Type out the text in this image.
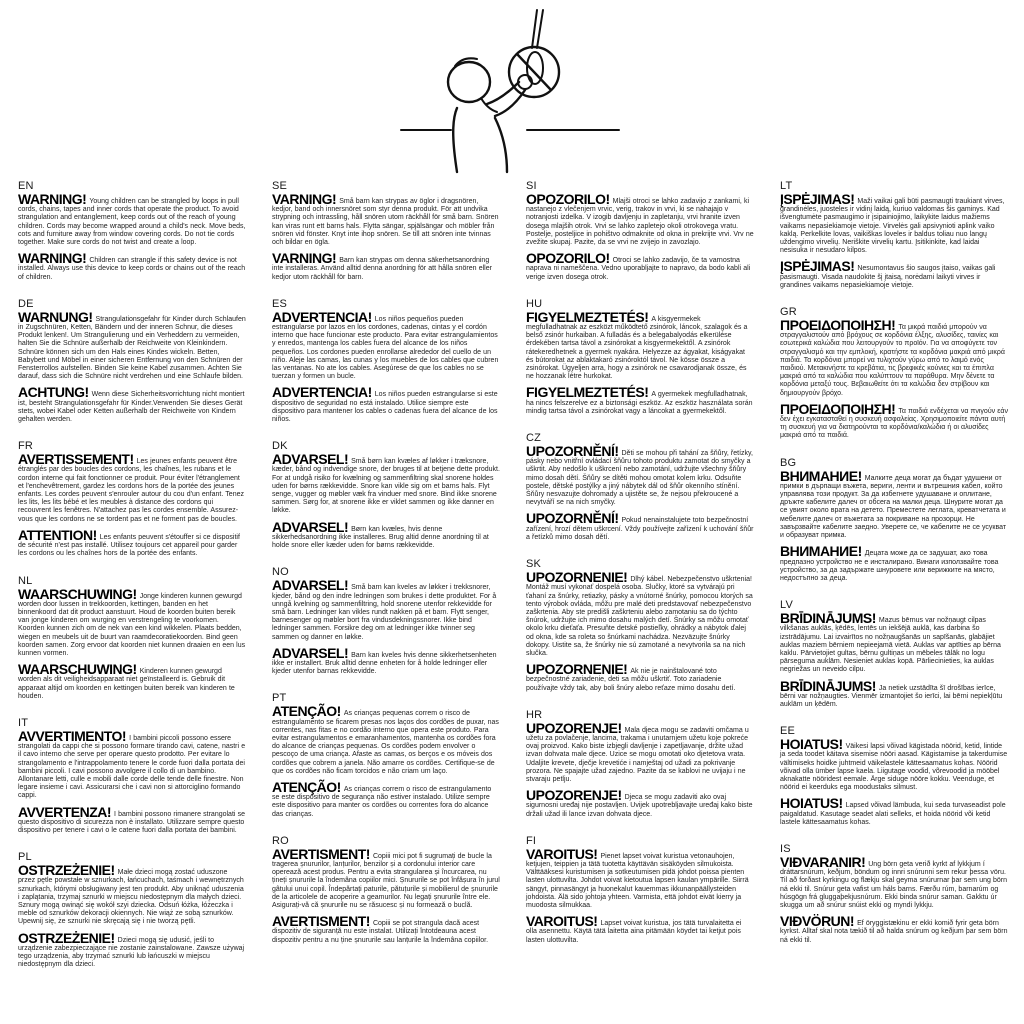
EN

WARNING! Young children can be strangled by loops in pull cords, chains, tapes and inner cords that operate the product. To avoid strangulation and entanglement, keep cords out of the reach of young children. Cords may become wrapped around a child's neck. Move beds, cots and furniture away from window covering cords. Do not tie cords together. Make sure cords do not twist and create a loop.

WARNING! Children can strangle if this safety device is not installed. Always use this device to keep cords or chains out of the reach of children.

DE

WARNUNG! Strangulationsgefahr für Kinder durch Schlaufen in Zugschnüren, Ketten, Bändern und der inneren Schnur, die dieses Produkt lenken!. Um Strangulierung und ein Verheddern zu vermeiden, halten Sie die Schnüre außerhalb der Reichweite von Kleinkindern. Schnüre können sich um den Hals eines Kindes wickeln. Betten, Babybett und Möbel in einer sicheren Entfernung von den Schnüren der Fensterrollos aufstellen. Binden Sie keine Kabel zusammen. Achten Sie darauf, dass sich die Schnüre nicht verdrehen und eine Schlaufe bilden.

ACHTUNG! Wenn diese Sicherheitsvorrichtung nicht montiert ist, besteht Strangulationsgefahr für Kinder.Verwenden Sie dieses Gerät stets, wobei Kabel oder Ketten außerhalb der Reichweite von Kindern gehalten werden.

FR

AVERTISSEMENT! Les jeunes enfants peuvent être étranglés par des boucles des cordons, les chaînes, les rubans et le cordon interne qui fait fonctionner ce produit. Pour éviter l'étranglement et l'enchevêtrement, gardez les cordons hors de la portée des jeunes enfants. Les cordes peuvent s'enrouler autour du cou d'un enfant. Tenez les lits, les lits bébé et les meubles à distance des cordons qui recouvrent les fenêtres. N'attachez pas les cordes ensemble. Assurez-vous que les cordons ne se tordent pas et ne forment pas de boucles.

ATTENTION! Les enfants peuvent s'étouffer si ce dispositif de sécurité n'est pas installé. Utilisez toujours cet appareil pour garder les cordons ou les chaînes hors de la portée des enfants.

NL

WAARSCHUWING! Jonge kinderen kunnen gewurgd worden door lussen in trekkoorden, kettingen, banden en het binnenkoord dat dit product aanstuurt. Houd de koorden buiten bereik van jonge kinderen om wurging en verstrengeling te voorkomen. Koorden kunnen zich om de nek van een kind wikkelen. Plaats bedden, wiegen en meubels uit de buurt van raamdecoratiekoorden. Bind geen koorden samen. Zorg ervoor dat koorden niet kunnen draaien en een lus kunnen vormen.

WAARSCHUWING! Kinderen kunnen gewurgd worden als dit veiligheidsapparaat niet geïnstalleerd is. Gebruik dit apparaat altijd om koorden en kettingen buiten bereik van kinderen te houden.

IT

AVVERTIMENTO! I bambini piccoli possono essere strangolati da cappi che si possono formare tirando cavi, catene, nastri e il cavo interno che serve per operare questo prodotto. Per evitare lo strangolamento e l'intrappolamento tenere le corde fuori dalla portata dei bambini piccoli. I cavi possono avvolgere il collo di un bambino. Allontanare letti, culle e mobili dalle corde delle tende delle finestre. Non legare insieme i cavi. Assicurarsi che i cavi non si attorciglino formando cappi.

AVVERTENZA! I bambini possono rimanere strangolati se questo dispositivo di sicurezza non è installato. Utilizzare sempre questo dispositivo per tenere i cavi o le catene fuori dalla portata dei bambini.

PL

OSTRZEŻENIE! Małe dzieci mogą zostać uduszone przez pętle powstałe w sznurkach, łańcuchach, taśmach i wewnętrznych sznurkach, którymi obsługiwany jest ten produkt. Aby uniknąć uduszenia i zaplątania, trzymaj sznurki w miejscu niedostępnym dla małych dzieci. Sznury mogą owinąć się wokół szyi dziecka. Odsuń łóżka, łóżeczka i meble od sznurków dekoracji okiennych. Nie wiąż ze sobą sznurków. Upewnij się, że sznurki nie skręcają się i nie tworzą pętli.

OSTRZEŻENIE! Dzieci mogą się udusić, jeśli to urządzenie zabezpieczające nie zostanie zainstalowane. Zawsze używaj tego urządzenia, aby trzymać sznurki lub łańcuszki w miejscu niedostępnym dla dzieci.

SE

VARNING! Små barn kan strypas av öglor i dragsnören, kedjor, band och innersnöret som styr denna produkt. För att undvika strypning och intrassling, håll snören utom räckhåll för små barn. Snören kan viras runt ett barns hals. Flytta sängar, spjälsängar och möbler från snören vid fönster. Knyt inte ihop snören. Se till att snören inte tvinnas och bildar en ögla.

VARNING! Barn kan strypas om denna säkerhetsanordning inte installeras. Använd alltid denna anordning för att hålla snören eller kedjor utom räckhåll för barn.

ES

ADVERTENCIA! Los niños pequeños pueden estrangularse por lazos en los cordones, cadenas, cintas y el cordón interno que hace funcionar este producto. Para evitar estrangulamientos y enredos, mantenga los cables fuera del alcance de los niños pequeños. Los cordones pueden enrollarse alrededor del cuello de un niño. Aleje las camas, las cunas y los muebles de los cables que cubren las ventanas. No ate los cables. Asegúrese de que los cables no se tuerzan y formen un bucle.

ADVERTENCIA! Los niños pueden estrangularse si este dispositivo de seguridad no está instalado. Utilice siempre este dispositivo para mantener los cables o cadenas fuera del alcance de los niños.

DK

ADVARSEL! Små børn kan kvæles af løkker i træksnore, kæder, bånd og indvendige snore, der bruges til at betjene dette produkt. For at undgå risiko for kvælning og sammenfiltring skal snorene holdes uden for børns rækkevidde. Snore kan vikle sig om et barns hals. Flyt senge, vugger og møbler væk fra vinduer med snore. Bind ikke snorene sammen. Sørg for, at snorene ikke er viklet sammen og ikke danner en løkke.

ADVARSEL! Børn kan kvæles, hvis denne sikkerhedsanordning ikke installeres. Brug altid denne anordning til at holde snore eller kæder uden for børns rækkevidde.

NO

ADVARSEL! Små barn kan kveles av løkker i trekksnorer, kjeder, bånd og den indre ledningen som brukes i dette produktet. For å unngå kvelning og sammenfiltring, hold snorene utenfor rekkevidde for små barn. Ledninger kan vikles rundt nakken på et barn. Flytt senger, barnesenger og møbler bort fra vindusdekningssnorer. Ikke bind ledninger sammen. Forsikre deg om at ledninger ikke tvinner seg sammen og danner en løkke.

ADVARSEL! Barn kan kveles hvis denne sikkerhetsenheten ikke er installert. Bruk alltid denne enheten for å holde ledninger eller kjeder utenfor barnas rekkevidde.

PT

ATENÇÃO! As crianças pequenas correm o risco de estrangulamento se ficarem presas nos laços dos cordões de puxar, nas correntes, nas fitas e no cordão interno que opera este produto. Para evitar estrangulamentos e emaranhamentos, mantenha os cordões fora do alcance de crianças pequenas. Os cordões podem envolver o pescoço de uma criança. Afaste as camas, os berços e os móveis dos cordões que cobrem a janela. Não amarre os cordões. Certifique-se de que os cordões não ficam torcidos e não criam um laço.

ATENÇÃO! As crianças correm o risco de estrangulamento se este dispositivo de segurança não estiver instalado. Utilize sempre este dispositivo para manter os cordões ou correntes fora do alcance das crianças.

RO

AVERTISMENT! Copiii mici pot fi sugrumați de bucle la tragerea șnururilor, lanțurilor, benzilor și a cordonului interior care operează acest produs. Pentru a evita strangularea și încurcarea, nu țineți șnururile la îndemâna copiilor mici. Șnururile se pot înfășura în jurul gâtului unui copil. Îndepărtați paturile, pătuțurile și mobilierul de șnururile de la articolele de acoperire a geamurilor. Nu legați șnururile între ele. Asigurați-vă că șnururile nu se răsucesc și nu formează o buclă.

AVERTISMENT! Copiii se pot strangula dacă acest dispozitiv de siguranță nu este instalat. Utilizați întotdeauna acest dispozitiv pentru a nu ține șnururile sau lanțurile la îndemâna copiilor.

SI

OPOZORILO! Mlajši otroci se lahko zadavijo z zankami, ki nastanejo z vlečenjem vrvic, verig, trakov in vrvi, ki se nahajajo v notranjosti izdelka. V izogib davljenju in zapletanju, vrvi hranite izven dosega mlajših otrok. Vrvi se lahko zapletejo okoli otrokovega vratu. Postelje, posteljice in pohištvo odmaknite od okna in prekrijte vrvi. Vrv ne zvežite skupaj. Pazite, da se vrvi ne zvijejo in zavozlajo.

OPOZORILO! Otroci se lahko zadavijo, če ta varnostna naprava ni nameščena. Vedno uporabljajte to napravo, da bodo kabli ali verige izven dosega otrok.

HU

FIGYELMEZTETÉS! A kisgyermekek megfulladhatnak az eszközt működtető zsinórok, láncok, szalagok és a belső zsinór hurkaiban. A fulladás és a belegabalyodás elkerülése érdekében tartsa távol a zsinórokat a kisgyermekektől. A zsinórok rátekeredhetnek a gyermek nyakára. Helyezze az ágyakat, kiságyakat és bútorokat az ablaktakaró zsinóroktól távol. Ne kösse össze a zsinórokat. Ügyeljen arra, hogy a zsinórok ne csavarodjanak össze, és ne hozzanak létre hurkokat.

FIGYELMEZTETÉS! A gyermekek megfulladhatnak, ha nincs felszerelve ez a biztonsági eszköz. Az eszköz használata során mindig tartsa távol a zsinórokat vagy a láncokat a gyermekektől.

CZ

UPOZORNĚNÍ! Děti se mohou při tahání za šňůry, řetízky, pásky nebo vnitřní ovládací šňůru tohoto produktu zamotat do smyčky a uškrtit. Aby nedošlo k uškrcení nebo zamotání, udržujte všechny šňůry mimo dosah dětí. Šňůry se dítěti mohou omotat kolem krku. Odsuňte postele, dětské postýlky a jiný nábytek dál od šňůr okenního stínění. Šňůry nesvazujte dohromady a ujistěte se, že nejsou překroucené a nevytváří se na nich smyčky.

UPOZORNĚNÍ! Pokud nenainstalujete toto bezpečnostní zařízení, hrozí dětem uškrcení. Vždy používejte zařízení k uchování šňůr a řetízků mimo dosah dětí.

SK

UPOZORNENIE! Dlhý kábel. Nebezpečenstvo uškrtenia! Montáž musí vykonať dospelá osoba. Slučky, ktoré sa vytvárajú pri ťahaní za šnúrky, retiazky, pásky a vnútorné šnúrky, pomocou ktorých sa tento výrobok ovláda, môžu pre malé deti predstavovať nebezpečenstvo zaškrtenia. Aby ste predišli zaškrteniu alebo zamotaniu sa do týchto šnúrok, udržujte ich mimo dosahu malých detí. Šnúrky sa môžu omotať okolo krku dieťaťa. Presuňte detské postieľky, ohrádky a nábytok ďalej od okna, kde sa roleta so šnúrkami nachádza. Nezväzujte šnúrky dokopy. Uistite sa, že šnúrky nie sú zamotané a nevytvorila sa na nich slučka.

UPOZORNENIE! Ak nie je nainštalované toto bezpečnostné zariadenie, deti sa môžu uškrtiť. Toto zariadenie používajte vždy tak, aby boli šnúry alebo reťaze mimo dosahu detí.

HR

UPOZORENJE! Mala djeca mogu se zadaviti omčama u užetu za povlačenje, lancima, trakama i unutarnjem užetu koje pokreće ovaj proizvod. Kako biste izbjegli davljenje i zapetljavanje, držite užad izvan dohvata male djece. Uzice se mogu omotati oko djetetova vrata. Udaljite krevete, dječje krevetiće i namještaj od užadi za pokrivanje prozora. Ne spajajte užad zajedno. Pazite da se kablovi ne uvijaju i ne stvaraju petlju.

UPOZORENJE! Djeca se mogu zadaviti ako ovaj sigurnosni uređaj nije postavljen. Uvijek upotrebljavajte uređaj kako biste držali užad ili lance izvan dohvata djece.

FI

VAROITUS! Pienet lapset voivat kuristua vetonauhojen, ketjujen, teippien ja tätä tuotetta käyttävän sisäköyden silmukoista. Välttääksesi kuristumisen ja sotkeutumisen pidä johdot poissa pienten lasten ulottuvilta. Johdot voivat kietoutua lapsen kaulan ympärille. Siirrä sängyt, pinnasängyt ja huonekalut kauemmas ikkunanpäällysteiden johdoista. Älä sido johtoja yhteen. Varmista, että johdot eivät kierry ja muodosta silmukkaa.

VAROITUS! Lapset voivat kuristua, jos tätä turvalaitetta ei olla asennettu. Käytä tätä laitetta aina pitämään köydet tai ketjut pois lasten ulottuvilta.

LT

ĮSPĖJIMAS! Maži vaikai gali būti pasmaugti traukiant virves, grandinėles, juosteles ir vidinį laidą, kuriuo valdomas šis gaminys. Kad išvengtumėte pasmaugimo ir įsipainiojimo, laikykite laidus mažiems vaikams nepasiekiamoje vietoje. Virvelės gali apsivynioti aplink vaiko kaklą. Perkelkite lovas, vaikiškas loveles ir baldus toliau nuo langų uždengimo virvelių. Neriškite virvelių kartu. Įsitikinkite, kad laidai nesisuka ir nesudaro kilpos.

ĮSPĖJIMAS! Nesumontavus šio saugos įtaiso, vaikas gali pasismaugti. Visada naudokite šį įtaisą, norėdami laikyti virves ir grandines vaikams nepasiekiamoje vietoje.

GR

ΠΡΟΕΙΔΟΠΟΙΗΣΗ! Τα μικρά παιδιά μπορούν να στραγγαλιστούν από βρόχους σε κορδόνια έλξης, αλυσίδες, ταινίες και εσωτερικά καλώδια που λειτουργούν το προϊόν. Για να αποφύγετε τον στραγγαλισμό και την εμπλοκή, κρατήστε τα κορδόνια μακριά από μικρά παιδιά. Τα κορδόνια μπορεί να τυλιχτούν γύρω από το λαιμό ενός παιδιού. Μετακινήστε τα κρεβάτια, τις βρεφικές κούνιες και τα έπιπλα μακριά από τα καλώδια που καλύπτουν τα παράθυρα. Μην δένετε τα κορδόνια μεταξύ τους. Βεβαιωθείτε ότι τα καλώδια δεν στρίβουν και δημιουργούν βρόχο.

ΠΡΟΕΙΔΟΠΟΙΗΣΗ! Τα παιδιά ενδέχεται να πνιγούν εάν δεν έχει εγκατασταθεί η συσκευή ασφαλείας. Χρησιμοποιείτε πάντα αυτή τη συσκευή για να διατηρούνται τα κορδόνια/καλώδια ή οι αλυσίδες μακριά από τα παιδιά.

BG

ВНИМАНИЕ! Малките деца могат да бъдат удушени от примки в дърпащи въжета, вериги, ленти и вътрешния кабел, който управлява този продукт. За да избегнете удушаване и оплитане, дръжте кабелите далеч от обсега на малки деца. Шнурите могат да се увият около врата на детето. Преместете леглата, креватчетата и мебелите далеч от въжетата за покриване на прозорци. Не завързвайте кабелите заедно. Уверете се, че кабелите не се усукват и образуват примка.

ВНИМАНИЕ! Децата може да се задушат, ако това предпазно устройство не е инсталирано. Винаги използвайте това устройство, за да задържате шнуровете или верижките на място, недостъпно за деца.

LV

BRĪDINĀJUMS! Mazus bērnus var nožņaugt cilpas vilkšanas auklās, ķēdēs, lentēs un iekšējā auklā, kas darbina šo izstrādājumu. Lai izvairītos no nožņaugšanās un sapīšanās, glabājiet auklas maziem bērniem nepieejamā vietā. Auklas var aptīties ap bērna kaklu. Pārvietojiet gultas, bērnu gultiņas un mēbeles tālāk no logu pārseguma auklām. Nesieniet auklas kopā. Pārliecinieties, ka auklas negriežas un neveido cilpu.

BRĪDINĀJUMS! Ja netiek uzstādīta šī drošības ierīce, bērni var nožņaugties. Vienmēr izmantojiet šo ierīci, lai bērni nepiekļūtu auklām un ķēdēm.

EE

HOIATUS! Väikesi lapsi võivad kägistada nöörid, ketid, lintide ja seda toodet käitava sisemise nööri aasad. Kägistamise ja takerdumise vältimiseks hoidke juhtmeid väikelastele kättesaamatus kohas. Nöörid võivad olla ümber lapse kaela. Liigutage voodid, võrevoodid ja mööbel aknakatte nööridest eemale. Ärge siduge nööre kokku. Veenduge, et nöörid ei keerduks ega moodustaks silmust.

HOIATUS! Lapsed võivad lämbuda, kui seda turvaseadist pole paigaldatud. Kasutage seadet alati selleks, et hoida nöörid või ketid lastele kättesaamatus kohas.

IS

VIÐVARANIR! Ung börn geta verið kyrkt af lykkjum í dráttarsnúrum, keðjum, böndum og innri snúrunni sem rekur þessa vöru. Til að forðast kyrkingu og flækju skal geyma snúrurnar þar sem ung börn ná ekki til. Snúrur geta vafist um háls barns. Færðu rúm, barnarúm og húsgögn frá gluggaþekjusnúrum. Ekki binda snúrur saman. Gakktu úr skugga um að snúrur snúist ekki og myndi lykkju.

VIÐVÖRUN! Ef öryggistækinu er ekki komið fyrir geta börn kyrkst. Alltaf skal nota tækið til að halda snúrum og keðjum þar sem börn ná ekki til.
